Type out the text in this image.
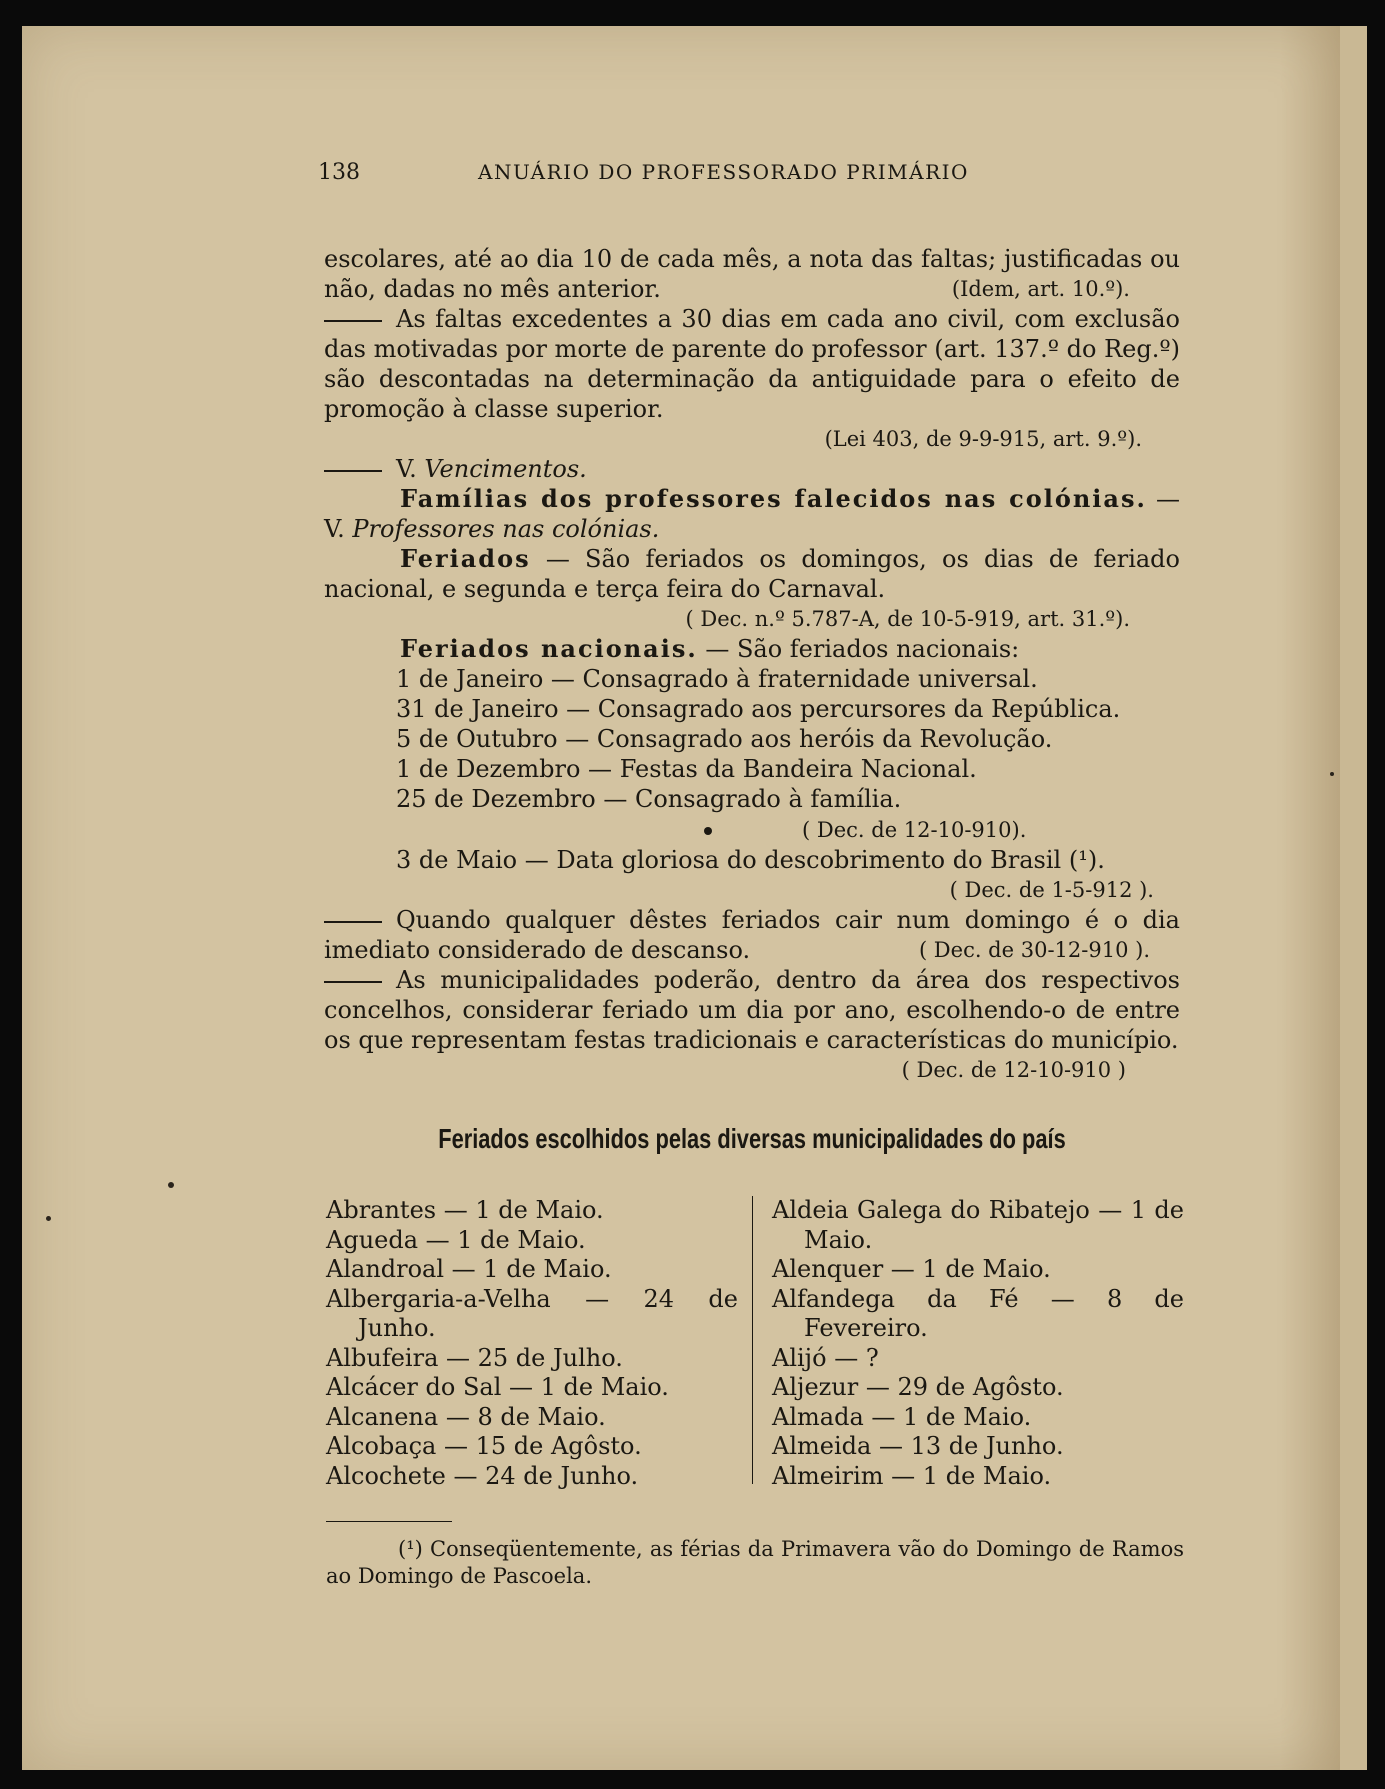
138	ANUÁRIO DO PROFESSORADO PRIMÁRIO

escolares, até ao dia 10 de cada mês, a nota das faltas; justificadas ou não, dadas no mês anterior.	(Idem, art. 10.º).

As faltas excedentes a 30 dias em cada ano civil, com exclusão das motivadas por morte de parente do professor (art. 137.º do Reg.º) são descontadas na determinação da antiguidade para o efeito de promoção à classe superior.

(Lei 403, de 9-9-915, art. 9.º).

V. Vencimentos.

Famílias dos professores falecidos nas colónias. — V. Professores nas colónias.

Feriados — São feriados os domingos, os dias de feriado nacional, e segunda e terça feira do Carnaval.

( Dec. n.º 5.787-A, de 10-5-919, art. 31.º).

Feriados nacionais. — São feriados nacionais:

1 de Janeiro — Consagrado à fraternidade universal.

31 de Janeiro — Consagrado aos percursores da República.

5 de Outubro — Consagrado aos heróis da Revolução.

1 de Dezembro — Festas da Bandeira Nacional.

25 de Dezembro — Consagrado à família.

( Dec. de 12-10-910).

3 de Maio — Data gloriosa do descobrimento do Brasil (¹).

( Dec. de 1-5-912 ).

Quando qualquer dêstes feriados cair num domingo é o dia imediato considerado de descanso.	( Dec. de 30-12-910 ).

As municipalidades poderão, dentro da área dos respectivos concelhos, considerar feriado um dia por ano, escolhendo-o de entre os que representam festas tradicionais e características do município.
( Dec. de 12-10-910 )

Feriados escolhidos pelas diversas municipalidades do país

Abrantes — 1 de Maio.

Agueda — 1 de Maio.

Alandroal — 1 de Maio.

Albergaria-a-Velha — 24 de Junho.

Albufeira — 25 de Julho.

Alcácer do Sal — 1 de Maio.

Alcanena — 8 de Maio.

Alcobaça — 15 de Agôsto.

Alcochete — 24 de Junho.

Aldeia Galega do Ribatejo — 1 de Maio.

Alenquer — 1 de Maio.

Alfandega da Fé — 8 de Fevereiro.

Alijó — ?

Aljezur — 29 de Agôsto.

Almada — 1 de Maio.

Almeida — 13 de Junho.

Almeirim — 1 de Maio.

(¹) Conseqüentemente, as férias da Primavera vão do Domingo de Ramos ao Domingo de Pascoela.
